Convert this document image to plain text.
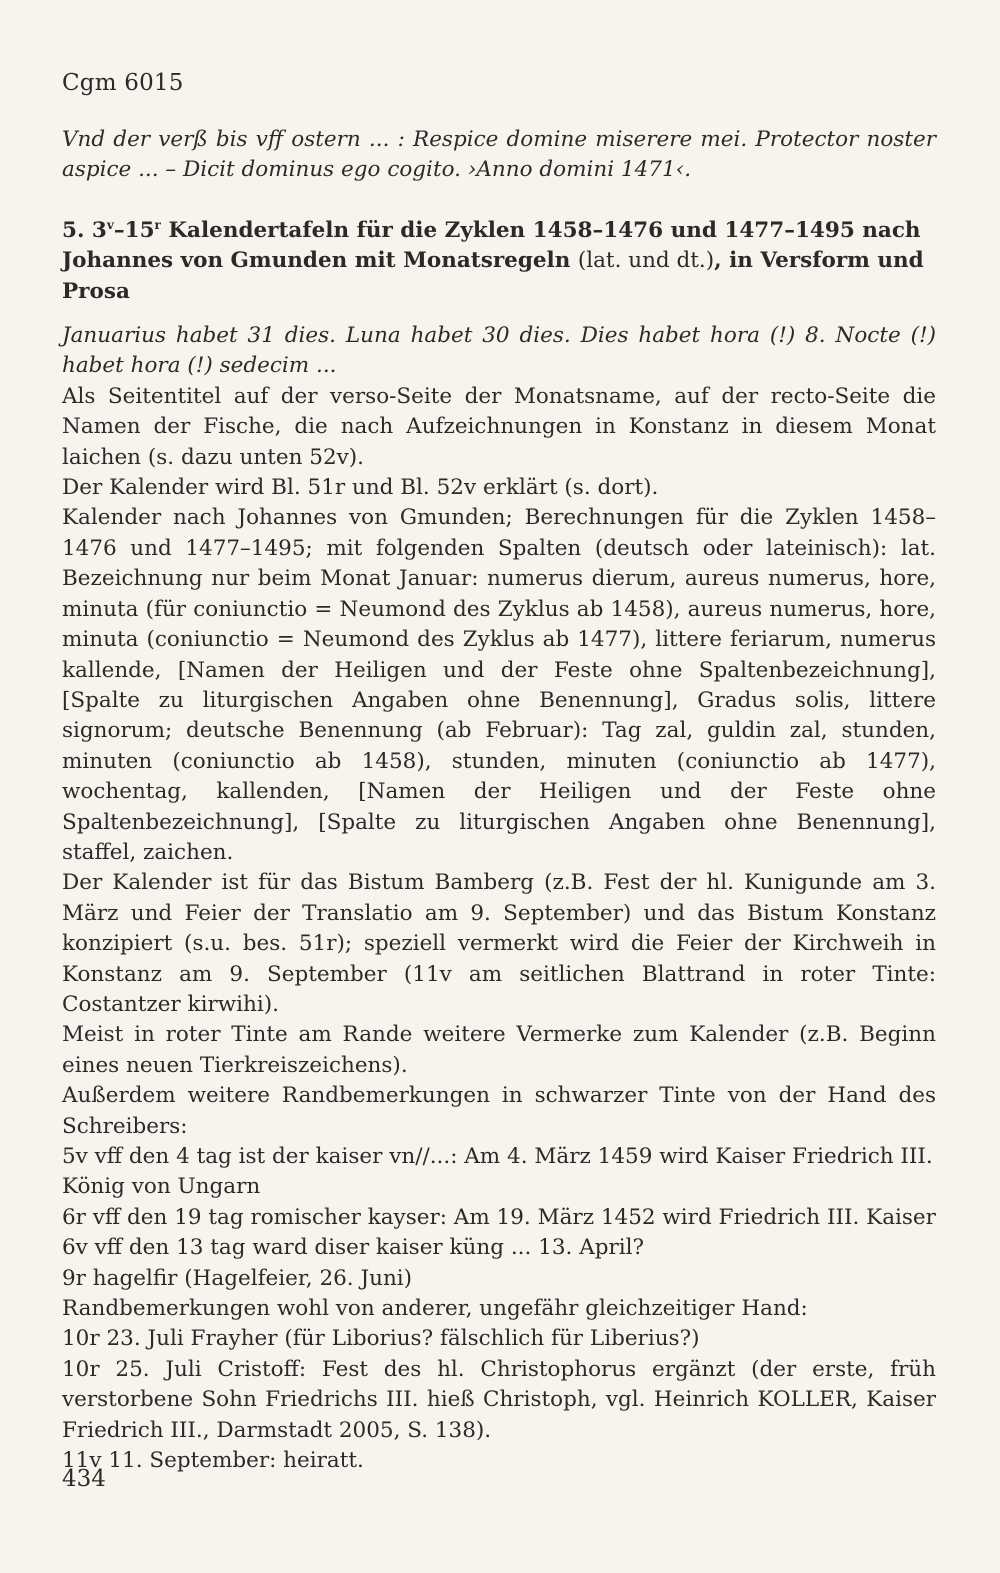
Cgm 6015

Vnd der verß bis vff ostern ... : Respice domine miserere mei. Protector noster aspice ... – Dicit dominus ego cogito. ›Anno domini 1471‹.

5. 3$^v$–15$^r$ Kalendertafeln für die Zyklen 1458–1476 und 1477–1495 nach Johannes von Gmunden mit Monatsregeln (lat. und dt.), in Versform und Prosa

Januarius habet 31 dies. Luna habet 30 dies. Dies habet hora (!) 8. Nocte (!) habet hora (!) sedecim ...

Als Seitentitel auf der verso-Seite der Monatsname, auf der recto-Seite die Namen der Fische, die nach Aufzeichnungen in Konstanz in diesem Monat laichen (s. dazu unten 52v).

Der Kalender wird Bl. 51r und Bl. 52v erklärt (s. dort).

Kalender nach Johannes von Gmunden; Berechnungen für die Zyklen 1458–1476 und 1477–1495; mit folgenden Spalten (deutsch oder lateinisch): lat. Bezeichnung nur beim Monat Januar: numerus dierum, aureus numerus, hore, minuta (für coniunctio = Neumond des Zyklus ab 1458), aureus numerus, hore, minuta (coniunctio = Neumond des Zyklus ab 1477), littere feriarum, numerus kallende, [Namen der Heiligen und der Feste ohne Spaltenbezeichnung], [Spalte zu liturgischen Angaben ohne Benennung], Gradus solis, littere signorum; deutsche Benennung (ab Februar): Tag zal, guldin zal, stunden, minuten (coniunctio ab 1458), stunden, minuten (coniunctio ab 1477), wochentag, kallenden, [Namen der Heiligen und der Feste ohne Spaltenbezeichnung], [Spalte zu liturgischen Angaben ohne Benennung], staffel, zaichen.

Der Kalender ist für das Bistum Bamberg (z.B. Fest der hl. Kunigunde am 3. März und Feier der Translatio am 9. September) und das Bistum Konstanz konzipiert (s.u. bes. 51r); speziell vermerkt wird die Feier der Kirchweih in Konstanz am 9. September (11v am seitlichen Blattrand in roter Tinte: Costantzer kirwihi).

Meist in roter Tinte am Rande weitere Vermerke zum Kalender (z.B. Beginn eines neuen Tierkreiszeichens).

Außerdem weitere Randbemerkungen in schwarzer Tinte von der Hand des Schreibers:

5v vff den 4 tag ist der kaiser vn//...: Am 4. März 1459 wird Kaiser Friedrich III. König von Ungarn

6r vff den 19 tag romischer kayser: Am 19. März 1452 wird Friedrich III. Kaiser

6v vff den 13 tag ward diser kaiser küng ... 13. April?

9r hagelfir (Hagelfeier, 26. Juni)

Randbemerkungen wohl von anderer, ungefähr gleichzeitiger Hand:

10r 23. Juli Frayher (für Liborius? fälschlich für Liberius?)

10r 25. Juli Cristoff: Fest des hl. Christophorus ergänzt (der erste, früh verstorbene Sohn Friedrichs III. hieß Christoph, vgl. Heinrich KOLLER, Kaiser Friedrich III., Darmstadt 2005, S. 138).

11v 11. September: heiratt.

434
